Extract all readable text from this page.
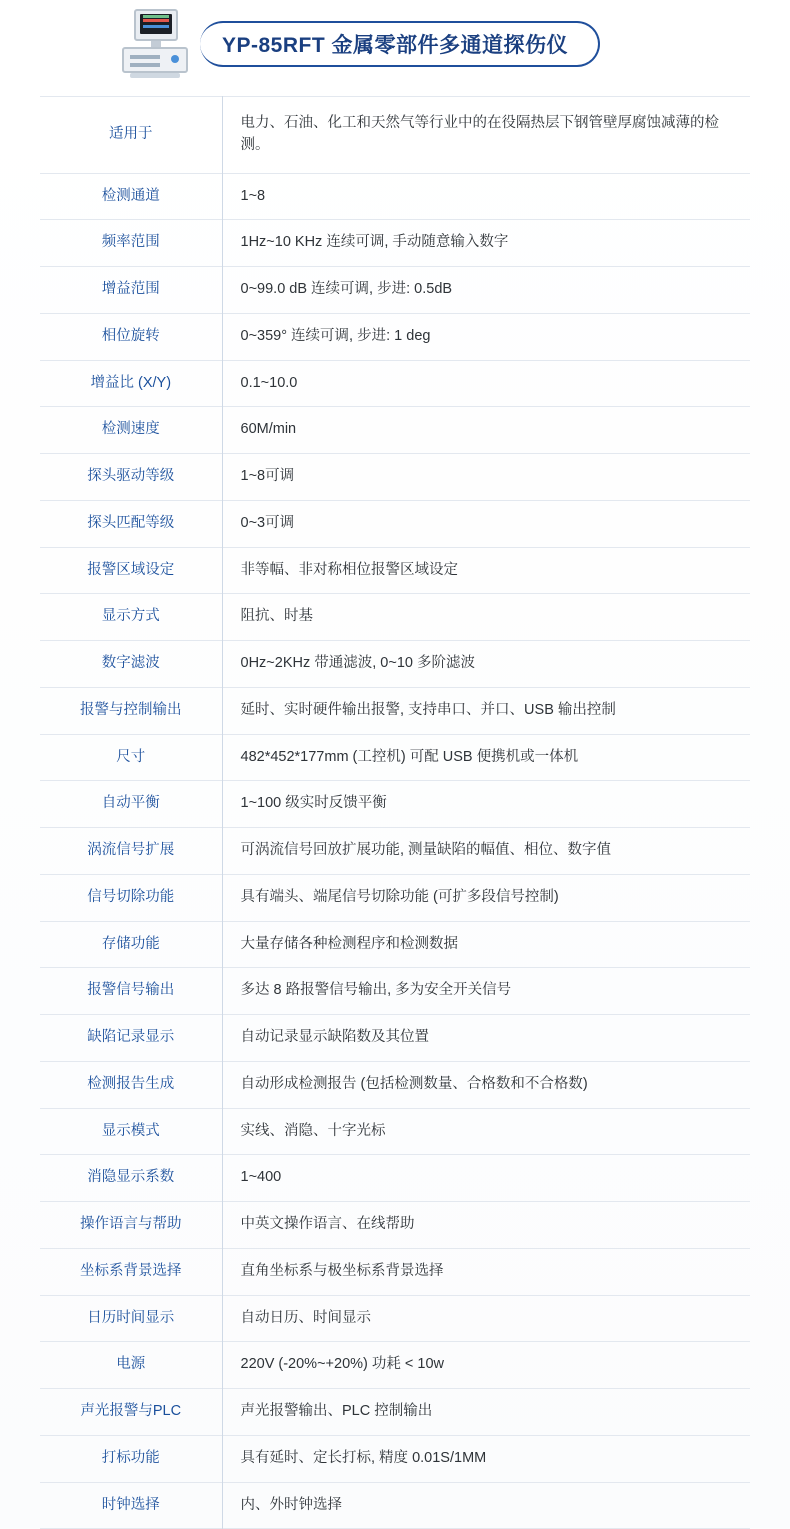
YP-85RFT 金属零部件多通道探伤仪
适用于	电力、石油、化工和天然气等行业中的在役隔热层下钢管壁厚腐蚀减薄的检测。
检测通道	1~8
频率范围	1Hz~10 KHz 连续可调, 手动随意输入数字
增益范围	0~99.0 dB 连续可调, 步进: 0.5dB
相位旋转	0~359° 连续可调, 步进: 1 deg
增益比 (X/Y)	0.1~10.0
检测速度	60M/min
探头驱动等级	1~8可调
探头匹配等级	0~3可调
报警区域设定	非等幅、非对称相位报警区域设定
显示方式	阻抗、时基
数字滤波	0Hz~2KHz 带通滤波, 0~10 多阶滤波
报警与控制输出	延时、实时硬件输出报警, 支持串口、并口、USB 输出控制
尺寸	482*452*177mm (工控机) 可配 USB 便携机或一体机
自动平衡	1~100 级实时反馈平衡
涡流信号扩展	可涡流信号回放扩展功能, 测量缺陷的幅值、相位、数字值
信号切除功能	具有端头、端尾信号切除功能 (可扩多段信号控制)
存储功能	大量存储各种检测程序和检测数据
报警信号输出	多达 8 路报警信号输出, 多为安全开关信号
缺陷记录显示	自动记录显示缺陷数及其位置
检测报告生成	自动形成检测报告 (包括检测数量、合格数和不合格数)
显示模式	实线、消隐、十字光标
消隐显示系数	1~400
操作语言与帮助	中英文操作语言、在线帮助
坐标系背景选择	直角坐标系与极坐标系背景选择
日历时间显示	自动日历、时间显示
电源	220V (-20%~+20%) 功耗 < 10w
声光报警与PLC	声光报警输出、PLC 控制输出
打标功能	具有延时、定长打标, 精度 0.01S/1MM
时钟选择	内、外时钟选择
